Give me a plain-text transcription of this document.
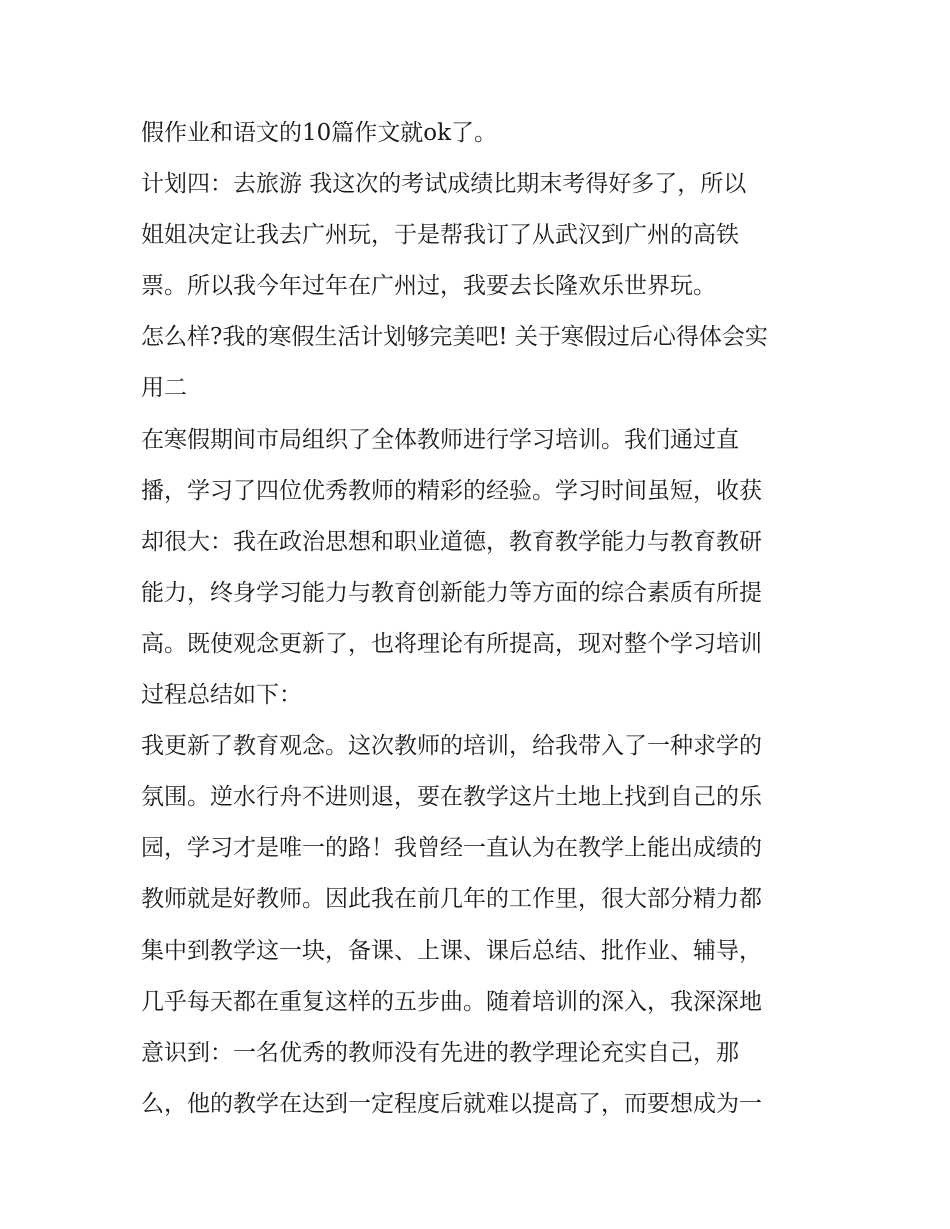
假作业和语文的10篇作文就ok了。
计划四：去旅游 我这次的考试成绩比期末考得好多了，所以
姐姐决定让我去广州玩，于是帮我订了从武汉到广州的高铁
票。所以我今年过年在广州过，我要去长隆欢乐世界玩。
怎么样?我的寒假生活计划够完美吧! 关于寒假过后心得体会实
用二
在寒假期间市局组织了全体教师进行学习培训。我们通过直
播，学习了四位优秀教师的精彩的经验。学习时间虽短，收获
却很大：我在政治思想和职业道德，教育教学能力与教育教研
能力，终身学习能力与教育创新能力等方面的综合素质有所提
高。既使观念更新了，也将理论有所提高，现对整个学习培训
过程总结如下：
我更新了教育观念。这次教师的培训，给我带入了一种求学的
氛围。逆水行舟不进则退，要在教学这片土地上找到自己的乐
园，学习才是唯一的路！我曾经一直认为在教学上能出成绩的
教师就是好教师。因此我在前几年的工作里，很大部分精力都
集中到教学这一块，备课、上课、课后总结、批作业、辅导，
几乎每天都在重复这样的五步曲。随着培训的深入，我深深地
意识到：一名优秀的教师没有先进的教学理论充实自己，那
么，他的教学在达到一定程度后就难以提高了，而要想成为一
